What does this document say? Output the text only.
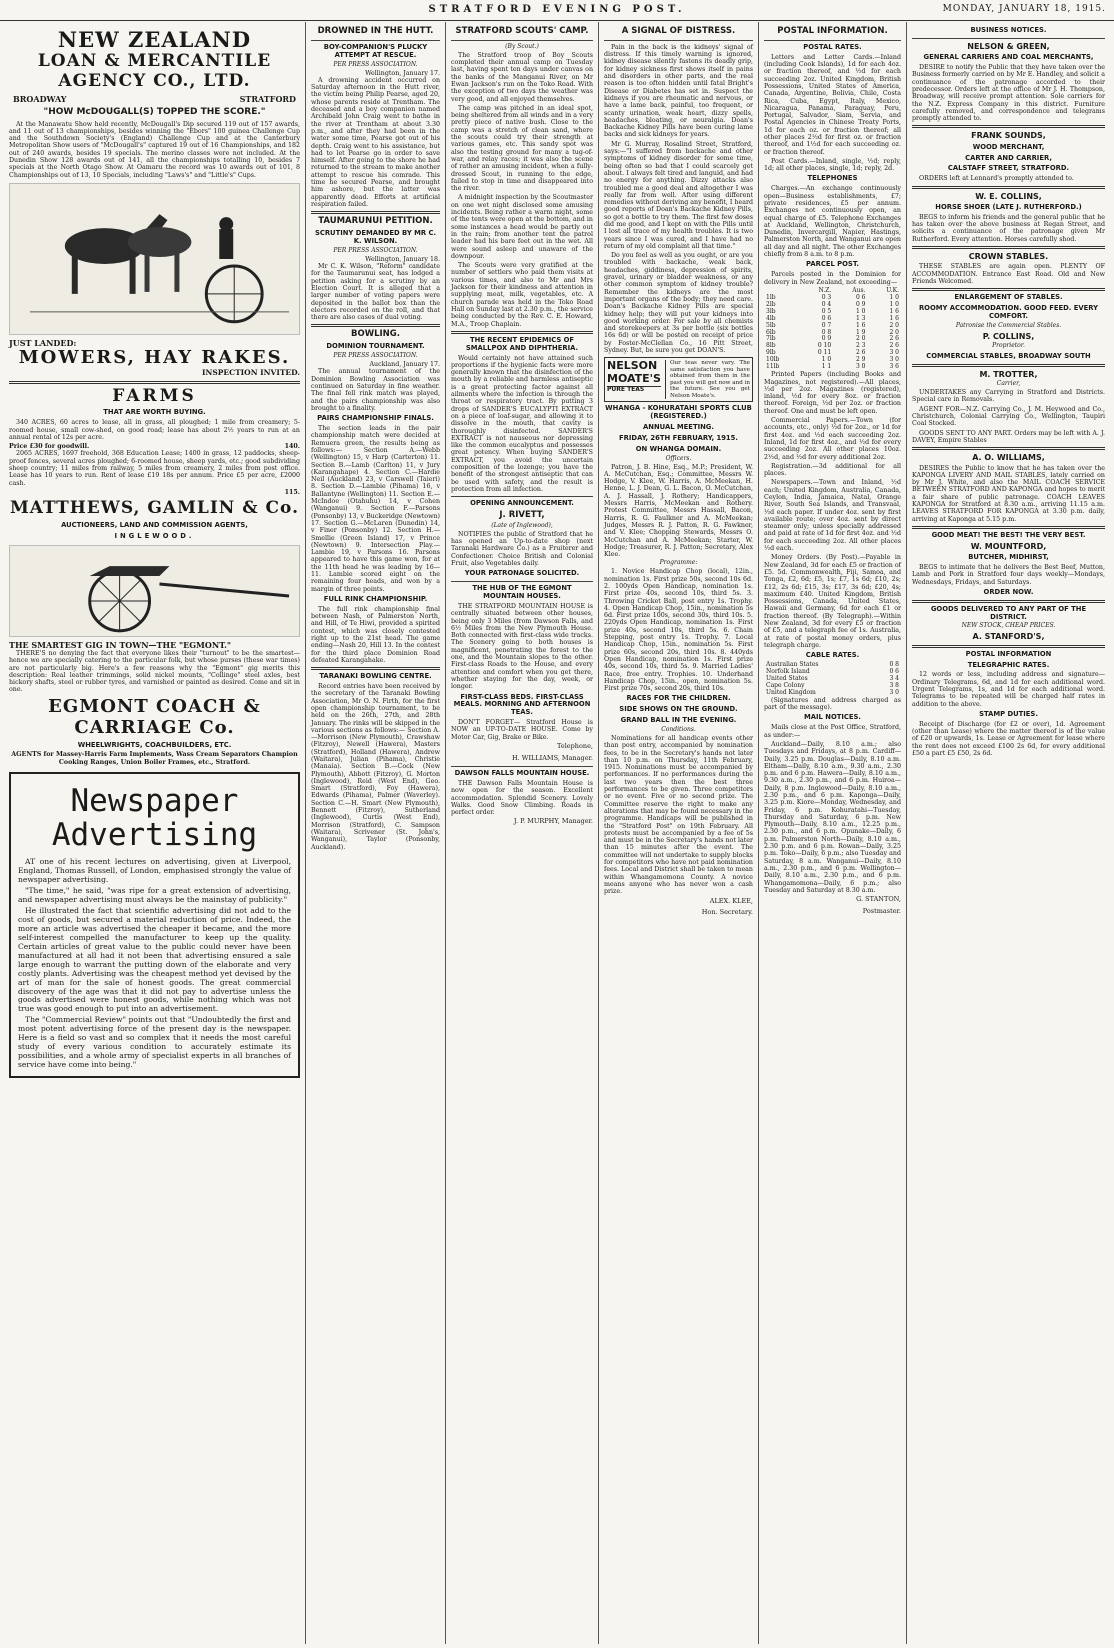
STRATFORD EVENING POST.	MONDAY, JANUARY 18, 1915.
NEW ZEALAND
LOAN & MERCANTILE
AGENCY CO., LTD.
BROADWAY	STRATFORD
"HOW McDOUGALL(S) TOPPED THE SCORE."

At the Manawatu Show held recently, McDougall's Dip secured 119 out of 157 awards, and 11 out of 13 championships, besides winning the "Ebors" 100 guinea Challenge Cup and the Southdown Society's (England) Challenge Cup and at the Canterbury Metropolitan Show users of "McDougall's" captured 19 out of 16 Championships, and 182 out of 240 awards, besides 19 specials. The merino classes were not included. At the Dunedin Show 128 awards out of 141, all the championships totalling 10, besides 7 specials at the North Otago Show. At Oamaru the record was 10 awards out of 101, 8 Championships out of 13, 10 Specials, including "Laws's" and "Little's" Cups.

JUST LANDED:
MOWERS, HAY RAKES.
INSPECTION INVITED.
FARMS
THAT ARE WORTH BUYING.

340 ACRES, 60 acres to lease, all in grass, all ploughed; 1 mile from creamery; 5-roomed house, small cow-shed, on good road; lease has about 2½ years to run at an annual rental of 12s per acre.

Price £30 for goodwill.	140.

2065 ACRES, 1697 freehold, 368 Education Lease; 1400 in grass, 12 paddocks, sheep-proof fences, several acres ploughed; 6-roomed house, sheep yards, etc.; good subdividing sheep country; 11 miles from railway, 5 miles from creamery, 2 miles from post office. Lease has 10 years to run. Rent of lease £19 18s per annum. Price £5 per acre, £2000 cash.

115.
MATTHEWS, GAMLIN & Co.
AUCTIONEERS, LAND AND COMMISSION AGENTS,
INGLEWOOD.
THE SMARTEST GIG IN TOWN—THE "EGMONT."

THERE'S no denying the fact that everyone likes their "turnout" to be the smartest—hence we are specially catering to the particular folk, but whose purses (these war times) are not particularly big. Here's a few reasons why the "Egmont" gig merits this description: Real leather trimmings, solid nickel mounts, "Collinge" steel axles, best hickory shafts, steel or rubber tyres, and varnished or painted as desired. Come and sit in one.

EGMONT COACH & CARRIAGE Co.
WHEELWRIGHTS, COACHBUILDERS, ETC.
AGENTS for Massey-Harris Farm Implements, Wass Cream Separators Champion Cooking Ranges, Union Boiler Frames, etc., Stratford.
Newspaper Advertising

AT one of his recent lectures on advertising, given at Liverpool, England, Thomas Russell, of London, emphasised strongly the value of newspaper advertising.

"The time," he said, "was ripe for a great extension of advertising, and newspaper advertising must always be the mainstay of publicity."

He illustrated the fact that scientific advertising did not add to the cost of goods, but secured a material reduction of price. Indeed, the more an article was advertised the cheaper it became, and the more self-interest compelled the manufacturer to keep up the quality. Certain articles of great value to the public could never have been manufactured at all had it not been that advertising ensured a sale large enough to warrant the putting down of the elaborate and very costly plants. Advertising was the cheapest method yet devised by the art of man for the sale of honest goods. The great commercial discovery of the age was that it did not pay to advertise unless the goods advertised were honest goods, while nothing which was not true was good enough to put into an advertisement.

The "Commercial Review" points out that "Undoubtedly the first and most potent advertising force of the present day is the newspaper. Here is a field so vast and so complex that it needs the most careful study of every various condition to accurately estimate its possibilities, and a whole army of specialist experts in all branches of service have come into being."

DROWNED IN THE HUTT.
BOY-COMPANION'S PLUCKY ATTEMPT AT RESCUE.
PER PRESS ASSOCIATION.
Wellington, January 17.

A drowning accident occurred on Saturday afternoon in the Hutt river, the victim being Philip Pearse, aged 20, whose parents reside at Trentham. The deceased and a boy companion named Archibald John Craig went to bathe in the river at Trentham at about 3.30 p.m., and after they had been in the water some time, Pearse got out of his depth. Craig went to his assistance, but had to let Pearse go in order to save himself. After going to the shore he had returned to the stream to make another attempt to rescue his comrade. This time he secured Pearse, and brought him ashore, but the latter was apparently dead. Efforts at artificial respiration failed.

TAUMARUNUI PETITION.
SCRUTINY DEMANDED BY MR C. K. WILSON.
PER PRESS ASSOCIATION.
Wellington, January 18.

Mr C. K. Wilson, "Reform" candidate for the Taumarunui seat, has lodged a petition asking for a scrutiny by an Election Court. It is alleged that a larger number of voting papers were deposited in the ballot box than the electors recorded on the roll, and that there are also cases of dual voting.

BOWLING.
DOMINION TOURNAMENT.
PER PRESS ASSOCIATION.
Auckland, January 17.

The annual tournament of the Dominion Bowling Association was continued on Saturday in fine weather. The final fell rink match was played, and the pairs championship was also brought to a finality.

PAIRS CHAMPIONSHIP FINALS.

The section leads in the pair championship match were decided at Remuera green, the results being as follows:— Section A.—Webb (Wellington) 15, v Harp (Carterton) 11. Section B.—Lamb (Carlton) 11, v Jury (Karangahape) 4. Section C.—Hardie Neil (Auckland) 23, v Carswell (Taieri) 8. Section D.—Lambie (Pihama) 16, v Ballantyne (Wellington) 11. Section E.—McIndoe (Otahuhu) 14, v Cohen (Wanganui) 9. Section F.—Parsons (Ponsonby) 13, v Buckeridge (Newtown) 17. Section G.—McLaren (Dunedin) 14, v Finer (Ponsonby) 12. Section H.—Smellie (Green Island) 17, v Prince (Newtown) 9. Intersection Play.—Lambie 19, v Parsons 16. Parsons appeared to have this game won, for at the 11th head he was leading by 16—11. Lambie scored eight on the remaining four heads, and won by a margin of three points.

FULL RINK CHAMPIONSHIP.

The full rink championship final between Nash, of Palmerston North, and Hill, of Te Hiwi, provided a spirited contest, which was closely contested right up to the 21st head. The game ending—Nash 20, Hill 13. In the contest for the third place Dominion Road defeated Karangahake.

TARANAKI BOWLING CENTRE.

Record entries have been received by the secretary of the Taranaki Bowling Association, Mr O. N. Firth, for the first open championship tournament, to be held on the 26th, 27th, and 28th January. The rinks will be skipped in the various sections as follows:— Section A.—Morrison (New Plymouth), Crawshaw (Fitzroy), Newell (Hawera), Masters (Stratford), Holland (Hawera), Andrew (Waitara), Julian (Pihama), Christie (Manaia). Section B.—Cock (New Plymouth), Abbott (Fitzroy), G. Morton (Inglewood), Reid (West End), Geo. Smart (Stratford), Foy (Hawera), Edwards (Pihama), Palmer (Waverley). Section C.—H. Smart (New Plymouth), Bennett (Fitzroy), Sutherland (Inglewood), Curtis (West End), Morrison (Stratford), C. Sampson (Waitara), Scrivener (St. John's, Wanganui), Taylor (Ponsonby, Auckland).

STRATFORD SCOUTS' CAMP.
(By Scout.)

The Stratford troop of Boy Scouts completed their annual camp on Tuesday last, having spent ten days under canvas on the banks of the Manganui River, on Mr Ewan Jackson's run on the Toko Road. With the exception of two days the weather was very good, and all enjoyed themselves.

The camp was pitched in an ideal spot, being sheltered from all winds and in a very pretty piece of native bush. Close to the camp was a stretch of clean sand, where the scouts could try their strength at various games, etc. This sandy spot was also the testing ground for many a tug-of-war, and relay races; it was also the scene of rather an amusing incident, when a fully-dressed Scout, in running to the edge, failed to stop in time and disappeared into the river.

A midnight inspection by the Scoutmaster on one wet night disclosed some amusing incidents. Being rather a warm night, some of the tents were open at the bottom, and in some instances a head would be partly out in the rain; from another tent the patrol leader had his bare feet out in the wet. All were sound asleep and unaware of the downpour.

The Scouts were very gratified at the number of settlers who paid them visits at various times, and also to Mr and Mrs Jackson for their kindness and attention in supplying meat, milk, vegetables, etc. A church parade was held in the Toko Road Hall on Sunday last at 2.30 p.m., the service being conducted by the Rev. C. E. Howard, M.A., Troop Chaplain.

THE RECENT EPIDEMICS OF SMALLPOX AND DIPHTHERIA.

Would certainly not have attained such proportions if the hygienic facts were more generally known that the disinfection of the mouth by a reliable and harmless antiseptic is a great protecting factor against all ailments where the infection is through the throat or respiratory tract. By putting 3 drops of SANDER'S EUCALYPTI EXTRACT on a piece of loaf-sugar, and allowing it to dissolve in the mouth, that cavity is thoroughly disinfected. SANDER'S EXTRACT is not nauseous nor depressing like the common eucalyptus and possesses great potency. When buying SANDER'S EXTRACT, you avoid the uncertain composition of the lozenge; you have the benefit of the strongest antiseptic that can be used with safety, and the result is protection from all infection.

OPENING ANNOUNCEMENT.
J. RIVETT,
(Late of Inglewood),

NOTIFIES the public of Stratford that he has opened an Up-to-date shop (next Taranaki Hardware Co.) as a Fruiterer and Confectioner. Choice British and Colonial Fruit, also Vegetables daily.

YOUR PATRONAGE SOLICITED.
THE HUB OF THE EGMONT MOUNTAIN HOUSES.

THE STRATFORD MOUNTAIN HOUSE is centrally situated between other houses, being only 3 Miles (from Dawson Falls, and 6½ Miles from the New Plymouth House. Both connected with first-class wide tracks. The Scenery going to both houses is magnificent, penetrating the forest to the one, and the Mountain slopes to the other. First-class Roads to the House, and every attention and comfort when you get there, whether staying for the day, week, or longer.

FIRST-CLASS BEDS. FIRST-CLASS MEALS. MORNING AND AFTERNOON TEAS.

DON'T FORGET— Stratford House is NOW an UP-TO-DATE HOUSE. Come by Motor Car, Gig, Brake or Bike.

Telephone,
H. WILLIAMS, Manager.
DAWSON FALLS MOUNTAIN HOUSE.

THE Dawson Falls Mountain House is now open for the season. Excellent accommodation. Splendid Scenery. Lovely Walks. Good Snow Climbing. Roads in perfect order.

J. P. MURPHY, Manager.
A SIGNAL OF DISTRESS.

Pain in the back is the kidneys' signal of distress. If this timely warning is ignored, kidney disease silently fastens its deadly grip, for kidney sickness first shows itself in pains and disorders in other parts, and the real reason is too often hidden until fatal Bright's Disease or Diabetes has set in. Suspect the kidneys if you are rheumatic and nervous, or have a lame back, painful, too frequent, or scanty urination, weak heart, dizzy spells, headaches, bloating, or neuralgia. Doan's Backache Kidney Pills have been curing lame backs and sick kidneys for years.

Mr G. Murray, Rosalind Street, Stratford, says:—"I suffered from backache and other symptoms of kidney disorder for some time, being often so bad that I could scarcely get about. I always felt tired and languid, and had no energy for anything. Dizzy attacks also troubled me a good deal and altogether I was really far from well. After using different remedies without deriving any benefit, I heard good reports of Doan's Backache Kidney Pills, so got a bottle to try them. The first few doses did me good, and I kept on with the Pills until I lost all trace of my health troubles. It is two years since I was cured, and I have had no return of my old complaint all that time."

Do you feel as well as you ought, or are you troubled with backache, weak back, headaches, giddiness, depression of spirits, gravel, urinary or bladder weakness, or any other common symptom of kidney trouble? Remember the kidneys are the most important organs of the body; they need care. Doan's Backache Kidney Pills are special kidney help; they will put your kidneys into good working order. For sale by all chemists and storekeepers at 3s per bottle (six bottles 16s 6d) or will be posted on receipt of price by Foster-McClellan Co., 16 Pitt Street, Sydney. But, be sure you get DOAN'S.

NELSON MOATE'S
PURE TEAS
Our teas never vary. The same satisfaction you have obtained from them in the past you will get now and in the future. See you get Nelson Moate's.
WHANGA - KOHURATAHI SPORTS CLUB (REGISTERED.)
ANNUAL MEETING.
FRIDAY, 26TH FEBRUARY, 1915.
ON WHANGA DOMAIN.
Officers.

Patron, J. B. Hine, Esq., M.P.; President, W. A. McCutchan, Esq.; Committee, Messrs W. Hodge, V. Klee, W. Harris, A. McMeekan, H. Henne, L. J. Dean, G. L. Bacon, O. McCutchan, A. J. Hassall, J. Rothery; Handicappers, Messrs Harris, McMeekan and Rothery. Protest Committee, Messrs Hassall, Bacon, Harris, R. G. Faulkner and A. McMeekan; Judges, Messrs R. J. Patton, R. G. Fawkner, and V. Klee; Chopping Stewards, Messrs O. McCutchan and A. McMeekan; Starter, W. Hodge; Treasurer, R. J. Patton; Secretary, Alex Klee.

Programme:

1. Novice Handicap Chop (local), 12in., nomination 1s. First prize 50s, second 10s 6d. 2. 100yds Open Handicap, nomination 1s. First prize 40s, second 10s, third 5s. 3. Throwing Cricket Ball, post entry 1s. Trophy. 4. Open Handicap Chop, 15in., nomination 5s 6d. First prize 100s, second 30s, third 10s. 5. 220yds Open Handicap, nomination 1s. First prize 40s, second 10s, third 5s. 6. Chain Stepping, post entry 1s. Trophy. 7. Local Handicap Chop, 15in., nomination 5s. First prize 60s, second 20s, third 10s. 8. 440yds Open Handicap, nomination 1s. First prize 40s, second 10s, third 5s. 9. Married Ladies' Race, free entry. Trophies. 10. Underhand Handicap Chop, 15in., open, nomination 5s. First prize 70s, second 20s, third 10s.

RACES FOR THE CHILDREN.
SIDE SHOWS ON THE GROUND.
GRAND BALL IN THE EVENING.
Conditions.

Nominations for all handicap events other than post entry, accompanied by nomination fees, to be in the Secretary's hands not later than 10 p.m. on Thursday, 11th February, 1915. Nominations must be accompanied by performances. If no performances during the last two years then the best three performances to be given. Three competitors or no event. Five or no second prize. The Committee reserve the right to make any alterations that may be found necessary in the programme. Handicaps will be published in the "Stratford Post" on 19th February. All protests must be accompanied by a fee of 5s and must be in the Secretary's hands not later than 15 minutes after the event. The committee will not undertake to supply blocks for competitors who have not paid nomination fees. Local and District shall be taken to mean within Whangamomona County. A novice means anyone who has never won a cash prize.

ALEX. KLEE,
Hon. Secretary.
POSTAL INFORMATION.
POSTAL RATES.

Letters and Letter Cards.—Inland (including Cook Islands), 1d for each 4oz. or fraction thereof, and ½d for each succeeding 2oz. United Kingdom, British Possessions, United States of America, Canada, Argentine, Bolivia, Chile, Costa Rica, Cuba, Egypt, Italy, Mexico, Nicaragua, Panama, Paraguay, Peru, Portugal, Salvador, Siam, Servia, and Postal Agencies in Chinese Treaty Ports, 1d for each oz. or fraction thereof; all other places 2½d for first oz. or fraction thereof, and 1½d for each succeeding oz. or fraction thereof.

Post Cards.—Inland, single, ½d; reply, 1d; all other places, single, 1d; reply, 2d.

TELEPHONES

Charges.—An exchange continuously open—Business establishments, £7; private residences, £5 per annum. Exchanges not continuously open, an equal charge of £5. Telephone Exchanges at Auckland, Wellington, Christchurch, Dunedin, Invercargill, Napier, Hastings, Palmerston North, and Wanganui are open all day and all night. The other Exchanges chiefly from 8 a.m. to 8 p.m.

PARCEL POST.

Parcels posted in the Dominion for delivery in New Zealand, not exceeding—

	N.Z.	Aus.	U.K.
1lb	0 3	0 6	1 0
2lb	0 4	0 9	1 0
3lb	0 5	1 0	1 6
4lb	0 6	1 3	1 6
5lb	0 7	1 6	2 0
6lb	0 8	1 9	2 0
7lb	0 9	2 0	2 6
8lb	0 10	2 3	2 6
9lb	0 11	2 6	3 0
10lb	1 0	2 9	3 0
11lb	1 1	3 0	3 6

Printed Papers (including Books and Magazines, not registered).—All places, ½d per 2oz. Magazines (registered), inland, ½d for every 8oz. or fraction thereof. Foreign, ½d per 2oz. or fraction thereof. One and must be left open.

Commercial Papers.—Town (for accounts, etc., only) ½d for 2oz., or 1d for first 4oz. and ½d each succeeding 2oz. Inland, 1d for first 4oz., and ½d for every succeeding 2oz. All other places 10oz. 2½d, and ½d for every additional 2oz.

Registration.—3d additional for all places.

Newspapers.—Town and Inland, ½d each; United Kingdom, Australia, Canada, Ceylon, India, Jamaica, Natal, Orange River, South Sea Islands, and Transvaal, ½d each paper. If under 4oz. sent by first available route; over 4oz. sent by direct steamer only; unless specially addressed and paid at rate of 1d for first 4oz. and ½d for each succeeding 2oz. All other places ½d each.

Money Orders. (By Post).—Payable in New Zealand, 3d for each £5 or fraction of £5. 5d. Commonwealth, Fiji, Samoa, and Tonga, £2, 6d; £5, 1s; £7, 1s 6d; £10, 2s; £12, 2s 6d; £15, 3s; £17, 3s 6d; £20, 4s; maximum £40. United Kingdom, British Possessions, Canada, United States, Hawaii and Germany, 6d for each £1 or fraction thereof. (By Telegraph).—Within New Zealand, 3d for every £5 or fraction of £5, and a telegraph fee of 1s. Australia, at rate of postal money orders, plus telegraph charge.

CABLE RATES.
Australian States	0 8
Norfolk Island	0 6
United States	3 4
Cape Colony	3 8
United Kingdom	3 0

(Signatures and address charged as part of the message).

MAIL NOTICES.

Mails close at the Post Office, Stratford, as under:—

Auckland—Daily, 8.10 a.m.; also Tuesdays and Fridays, at 8 p.m. Cardiff—Daily, 3.25 p.m. Douglas—Daily, 8.10 a.m. Eltham—Daily, 8.10 a.m., 9.30 a.m., 2.30 p.m. and 6 p.m. Hawera—Daily, 8.10 a.m., 9.30 a.m., 2.30 p.m., and 6 p.m. Huiroa—Daily, 8 p.m. Inglewood—Daily, 8.10 a.m., 2.30 p.m., and 6 p.m. Kaponga—Daily, 3.25 p.m. Kiore—Monday, Wednesday, and Friday, 6 p.m. Kohuratahi—Tuesday, Thursday and Saturday, 6 p.m. New Plymouth—Daily, 8.10 a.m., 12.25 p.m., 2.30 p.m., and 6 p.m. Opunake—Daily, 6 p.m. Palmerston North—Daily, 8.10 a.m., 2.30 p.m. and 6 p.m. Rowan—Daily, 3.25 p.m. Toko—Daily, 6 p.m.; also Tuesday and Saturday, 8 a.m. Wanganui—Daily, 8.10 a.m., 2.30 p.m., and 6 p.m. Wellington—Daily, 8.10 a.m., 2.30 p.m., and 6 p.m. Whangamomona—Daily, 6 p.m.; also Tuesday and Saturday at 8.30 a.m.

G. STANTON,
Postmaster.
BUSINESS NOTICES.
NELSON & GREEN,
GENERAL CARRIERS AND COAL MERCHANTS,

DESIRE to notify the Public that they have taken over the Business formerly carried on by Mr E. Handley, and solicit a continuance of the patronage accorded to their predecessor. Orders left at the office of Mr J. H. Thompson, Broadway, will receive prompt attention. Sole carriers for the N.Z. Express Company in this district. Furniture carefully removed, and correspondence and telegrams promptly attended to.

FRANK SOUNDS,
WOOD MERCHANT,
CARTER AND CARRIER,
CALSTAFF STREET, STRATFORD.

ORDERS left at Lennard's promptly attended to.

W. E. COLLINS,
HORSE SHOER (LATE J. RUTHERFORD.)

BEGS to inform his friends and the general public that he has taken over the above business at Regan Street, and solicits a continuance of the patronage given Mr Rutherford. Every attention. Horses carefully shod.

CROWN STABLES.

THESE STABLES are again open. PLENTY OF ACCOMMODATION. Entrance East Road. Old and New Friends Welcomed.

ENLARGEMENT OF STABLES.
ROOMY ACCOMMODATION. GOOD FEED. EVERY COMFORT.
Patronise the Commercial Stables.
P. COLLINS,
Proprietor.
COMMERCIAL STABLES, BROADWAY SOUTH
M. TROTTER,
Carrier,

UNDERTAKES any Carrying in Stratford and Districts. Special care in Removals.

AGENT FOR—N.Z. Carrying Co., J. M. Heywood and Co., Christchurch, Colonial Carrying Co., Wellington, Taupiri Coal Stocked.

GOODS SENT TO ANY PART. Orders may be left with A. J. DAVEY, Empire Stables

A. O. WILLIAMS,

DESIRES the Public to know that he has taken over the KAPONGA LIVERY AND MAIL STABLES, lately carried on by Mr J. White, and also the MAIL COACH SERVICE BETWEEN STRATFORD AND KAPONGA and hopes to merit a fair share of public patronage. COACH LEAVES KAPONGA for Stratford at 8.30 a.m., arriving 11.15 a.m. LEAVES STRATFORD FOR KAPONGA at 3.30 p.m. daily, arriving at Kaponga at 5.15 p.m.

GOOD MEAT! THE BEST! THE VERY BEST.
W. MOUNTFORD,
BUTCHER, MIDHIRST,

BEGS to intimate that he delivers the Best Beef, Mutton, Lamb and Pork in Stratford four days weekly—Mondays, Wednesdays, Fridays, and Saturdays.

ORDER NOW.
GOODS DELIVERED TO ANY PART OF THE DISTRICT.
NEW STOCK, CHEAP PRICES.
A. STANFORD'S,
POSTAL INFORMATION
TELEGRAPHIC RATES.

12 words or less, including address and signature— Ordinary Telegrams, 6d, and 1d for each additional word. Urgent Telegrams, 1s, and 1d for each additional word. Telegrams to be repeated will be charged half rates in addition to the above.

STAMP DUTIES.

Receipt of Discharge (for £2 or over), 1d. Agreement (other than Lease) where the matter thereof is of the value of £20 or upwards, 1s. Lease or Agreement for lease where the rent does not exceed £100 2s 6d, for every additional £50 a part £5 £50, 2s 6d.
